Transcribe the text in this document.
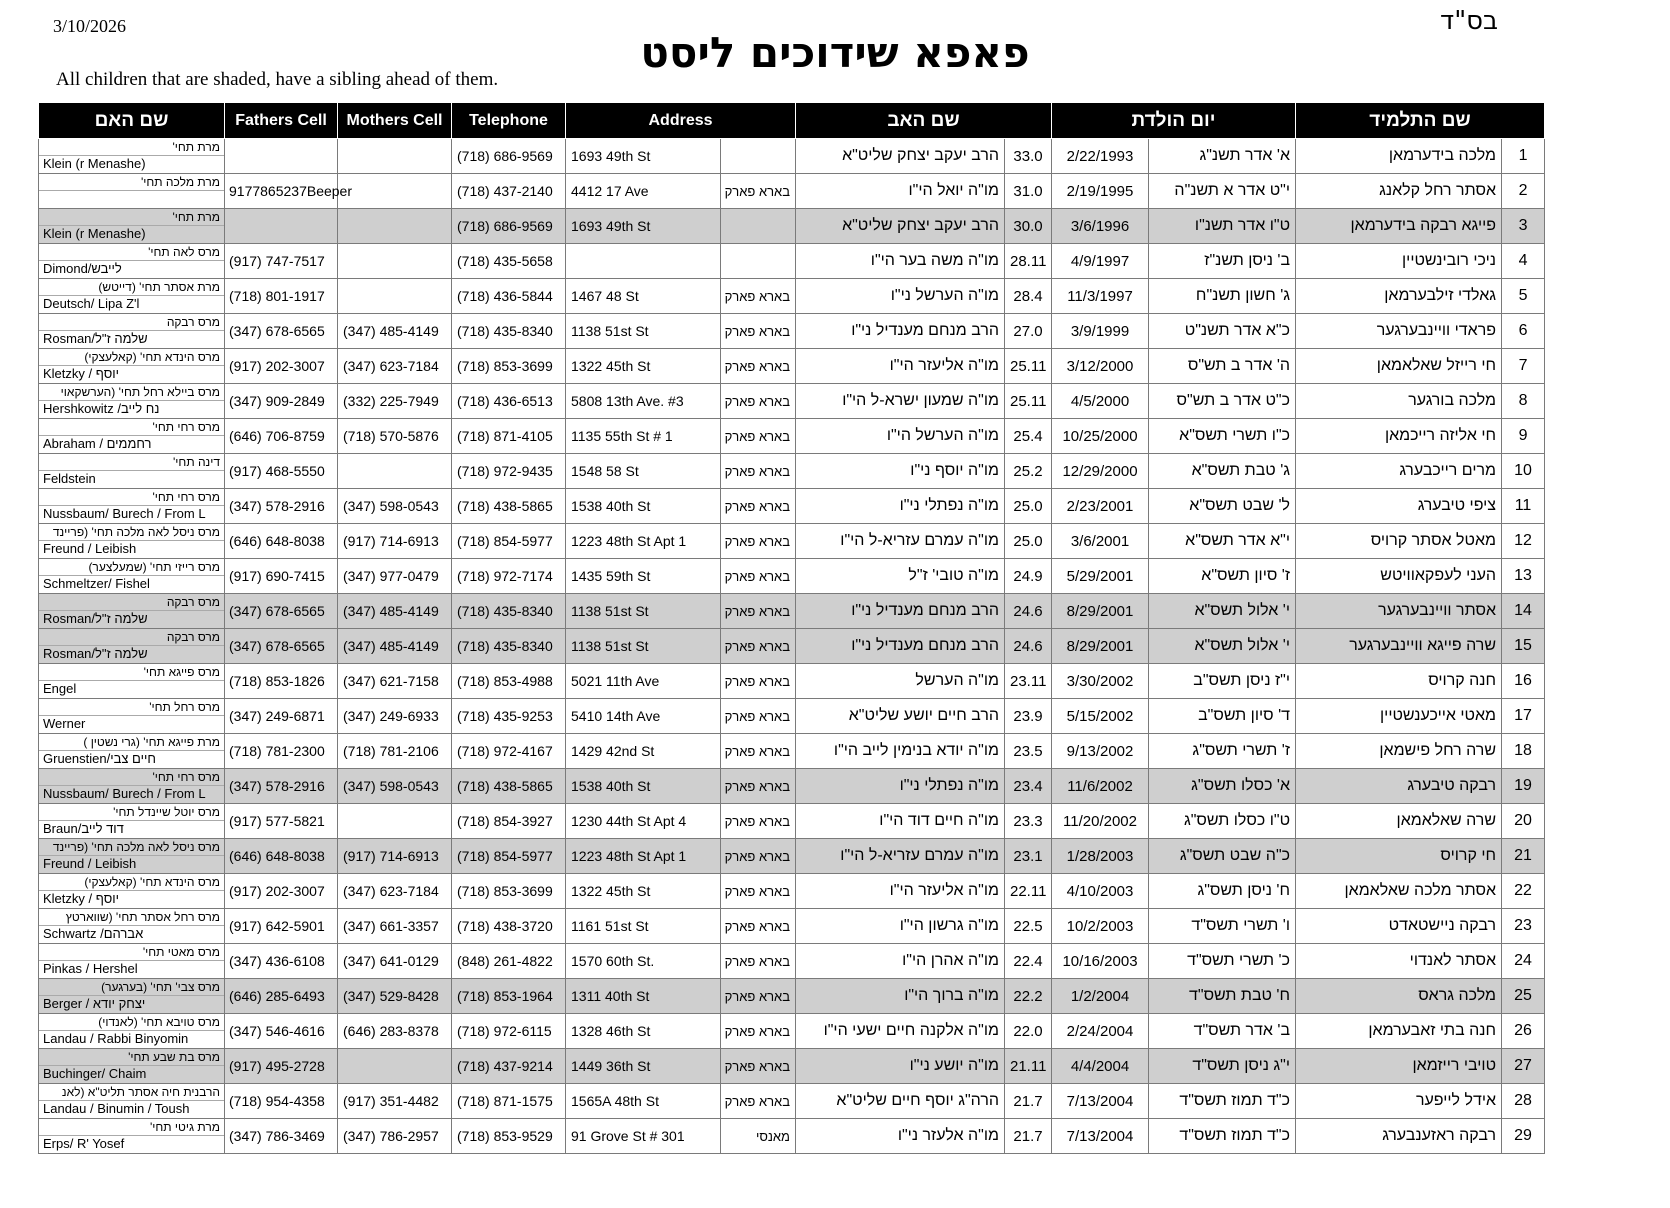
3/10/2026	בס"ד
פאפא שידוכים ליסט
All children that are shaded, have a sibling ahead of them.
שם האם	Fathers Cell	Mothers Cell	Telephone	Address		שם האב		יום הולדת		שם התלמיד	

מרת תחי'
Klein (r Menashe)			(718) 686-9569	1693 49th St		הרב יעקב יצחק שליט"א	33.0	2/22/1993	א' אדר תשנ"ג	מלכה בידערמאן	1

מרת מלכה תחי'	9177865237Beeper		(718) 437-2140	4412 17 Ave	בארא פארק	מו"ה יואל הי"ו	31.0	2/19/1995	י"ט אדר א תשנ"ה	אסתר רחל קלאנג	2

מרת תחי'
Klein (r Menashe)			(718) 686-9569	1693 49th St		הרב יעקב יצחק שליט"א	30.0	3/6/1996	ט"ו אדר תשנ"ו	פייגא רבקה בידערמאן	3

מרס לאה תחי'
Dimond/לייבש	(917) 747-7517		(718) 435-5658			מו"ה משה בער הי"ו	28.11	4/9/1997	ב' ניסן תשנ"ז	ניכי רובינשטיין	4

מרת אסתר תחי' (דייטש)
Deutsch/ Lipa Z'l	(718) 801-1917		(718) 436-5844	1467 48 St	בארא פארק	מו"ה הערשל ני"ו	28.4	11/3/1997	ג' חשון תשנ"ח	גאלדי זילבערמאן	5

מרס רבקה
Rosman/שלמה ז"ל	(347) 678-6565	(347) 485-4149	(718) 435-8340	1138 51st St	בארא פארק	הרב מנחם מענדיל ני"ו	27.0	3/9/1999	כ"א אדר תשנ"ט	פראדי וויינבערגער	6

מרס הינדא תחי' (קאלעצקי)
Kletzky / יוסף	(917) 202-3007	(347) 623-7184	(718) 853-3699	1322 45th St	בארא פארק	מו"ה אליעזר הי"ו	25.11	3/12/2000	ה' אדר ב תש"ס	חי רייזל שאלאמאן	7

מרס ביילא רחל תחי' (הערשקאוי
Hershkowitz /נח לייב	(347) 909-2849	(332) 225-7949	(718) 436-6513	5808 13th Ave. #3	בארא פארק	מו"ה שמעון ישרא-ל הי"ו	25.11	4/5/2000	כ"ט אדר ב תש"ס	מלכה בורגער	8

מרס רחי תחי'
Abraham / רחממים	(646) 706-8759	(718) 570-5876	(718) 871-4105	1135 55th St # 1	בארא פארק	מו"ה הערשל הי"ו	25.4	10/25/2000	כ"ו תשרי תשס"א	חי אליזה רייכמאן	9

דינה תחי'
Feldstein	(917) 468-5550		(718) 972-9435	1548 58 St	בארא פארק	מו"ה יוסף ני"ו	25.2	12/29/2000	ג' טבת תשס"א	מרים רייכבערג	10

מרס רחי תחי'
Nussbaum/ Burech / From L	(347) 578-2916	(347) 598-0543	(718) 438-5865	1538 40th St	בארא פארק	מו"ה נפתלי ני"ו	25.0	2/23/2001	ל' שבט תשס"א	ציפי טיבערג	11

מרס ניסל לאה מלכה תחי' (פריינד
Freund / Leibish	(646) 648-8038	(917) 714-6913	(718) 854-5977	1223 48th St Apt 1	בארא פארק	מו"ה עמרם עזריא-ל הי"ו	25.0	3/6/2001	י"א אדר תשס"א	מאטל אסתר קרויס	12

מרס רייזי תחי' (שמעלצער)
Schmeltzer/ Fishel	(917) 690-7415	(347) 977-0479	(718) 972-7174	1435 59th St	בארא פארק	מו"ה טובי' ז"ל	24.9	5/29/2001	ז' סיון תשס"א	העני לעפקאוויטש	13

מרס רבקה
Rosman/שלמה ז"ל	(347) 678-6565	(347) 485-4149	(718) 435-8340	1138 51st St	בארא פארק	הרב מנחם מענדיל ני"ו	24.6	8/29/2001	י' אלול תשס"א	אסתר וויינבערגער	14

מרס רבקה
Rosman/שלמה ז"ל	(347) 678-6565	(347) 485-4149	(718) 435-8340	1138 51st St	בארא פארק	הרב מנחם מענדיל ני"ו	24.6	8/29/2001	י' אלול תשס"א	שרה פייגא וויינבערגער	15

מרס פייגא תחי'
Engel	(718) 853-1826	(347) 621-7158	(718) 853-4988	5021 11th Ave	בארא פארק	מו"ה הערשל	23.11	3/30/2002	י"ז ניסן תשס"ב	חנה קרויס	16

מרס רחל תחי'
Werner	(347) 249-6871	(347) 249-6933	(718) 435-9253	5410 14th Ave	בארא פארק	הרב חיים יושע שליט"א	23.9	5/15/2002	ד' סיון תשס"ב	מאטי אייכענשטיין	17

מרת פייגא תחי' (גרי נשטין )
Gruenstien/חיים צבי	(718) 781-2300	(718) 781-2106	(718) 972-4167	1429 42nd St	בארא פארק	מו"ה יודא בנימין לייב הי"ו	23.5	9/13/2002	ז' תשרי תשס"ג	שרה רחל פישמאן	18

מרס רחי תחי'
Nussbaum/ Burech / From L	(347) 578-2916	(347) 598-0543	(718) 438-5865	1538 40th St	בארא פארק	מו"ה נפתלי ני"ו	23.4	11/6/2002	א' כסלו תשס"ג	רבקה טיבערג	19

מרס יוטל שיינדל תחי'
Braun/דוד לייב	(917) 577-5821		(718) 854-3927	1230 44th St Apt 4	בארא פארק	מו"ה חיים דוד הי"ו	23.3	11/20/2002	ט"ו כסלו תשס"ג	שרה שאלאמאן	20

מרס ניסל לאה מלכה תחי' (פריינד
Freund / Leibish	(646) 648-8038	(917) 714-6913	(718) 854-5977	1223 48th St Apt 1	בארא פארק	מו"ה עמרם עזריא-ל הי"ו	23.1	1/28/2003	כ"ה שבט תשס"ג	חי קרויס	21

מרס הינדא תחי' (קאלעצקי)
Kletzky / יוסף	(917) 202-3007	(347) 623-7184	(718) 853-3699	1322 45th St	בארא פארק	מו"ה אליעזר הי"ו	22.11	4/10/2003	ח' ניסן תשס"ג	אסתר מלכה שאלאמאן	22

מרס רחל אסתר תחי' (שווארטץ
Schwartz /אברהם	(917) 642-5901	(347) 661-3357	(718) 438-3720	1161 51st St	בארא פארק	מו"ה גרשון הי"ו	22.5	10/2/2003	ו' תשרי תשס"ד	רבקה ניישטאדט	23

מרס מאטי תחי'
Pinkas / Hershel	(347) 436-6108	(347) 641-0129	(848) 261-4822	1570 60th St.	בארא פארק	מו"ה אהרן הי"ו	22.4	10/16/2003	כ' תשרי תשס"ד	אסתר לאנדוי	24

מרס צבי' תחי' (בערגער)
Berger / יצחק יודא	(646) 285-6493	(347) 529-8428	(718) 853-1964	1311 40th St	בארא פארק	מו"ה ברוך הי"ו	22.2	1/2/2004	ח' טבת תשס"ד	מלכה גראס	25

מרס טויבא תחי' (לאנדוי)
Landau / Rabbi Binyomin	(347) 546-4616	(646) 283-8378	(718) 972-6115	1328 46th St	בארא פארק	מו"ה אלקנה חיים ישעי הי"ו	22.0	2/24/2004	ב' אדר תשס"ד	חנה בתי זאבערמאן	26

מרס בת שבע תחי'
Buchinger/ Chaim	(917) 495-2728		(718) 437-9214	1449 36th St	בארא פארק	מו"ה יושע ני"ו	21.11	4/4/2004	י"ג ניסן תשס"ד	טויבי רייזמאן	27

הרבנית חיה אסתר תליט"א (לאנ
Landau / Binumin / Toush	(718) 954-4358	(917) 351-4482	(718) 871-1575	1565A 48th St	בארא פארק	הרה"ג יוסף חיים שליט"א	21.7	7/13/2004	כ"ד תמוז תשס"ד	אידל לייפער	28

מרת גיטי תחי'
Erps/ R' Yosef	(347) 786-3469	(347) 786-2957	(718) 853-9529	91 Grove St # 301	מאנסי	מו"ה אלעזר ני"ו	21.7	7/13/2004	כ"ד תמוז תשס"ד	רבקה ראזענבערג	29
